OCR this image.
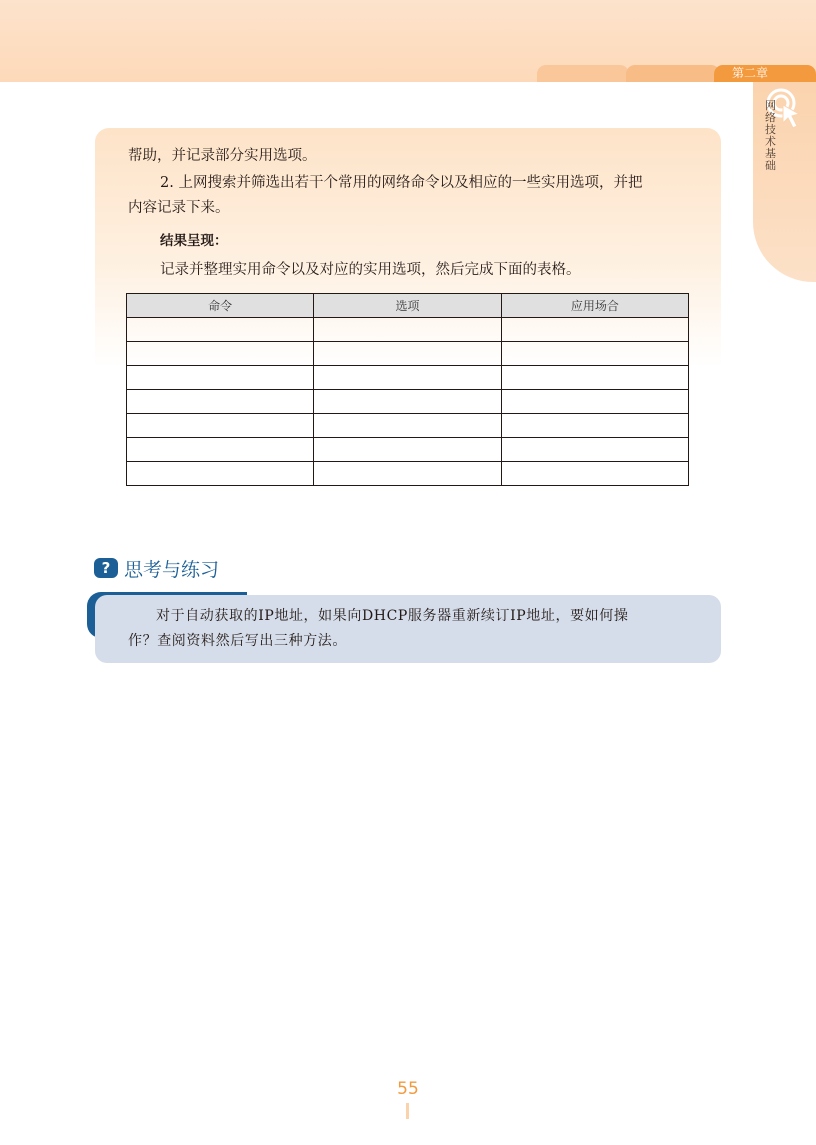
第二章
网络技术基础

帮助，并记录部分实用选项。

2. 上网搜索并筛选出若干个常用的网络命令以及相应的一些实用选项，并把

内容记录下来。

结果呈现：

记录并整理实用命令以及对应的实用选项，然后完成下面的表格。

命令	选项	应用场合

? 思考与练习

对于自动获取的IP地址，如果向DHCP服务器重新续订IP地址，要如何操
作？查阅资料然后写出三种方法。

55
